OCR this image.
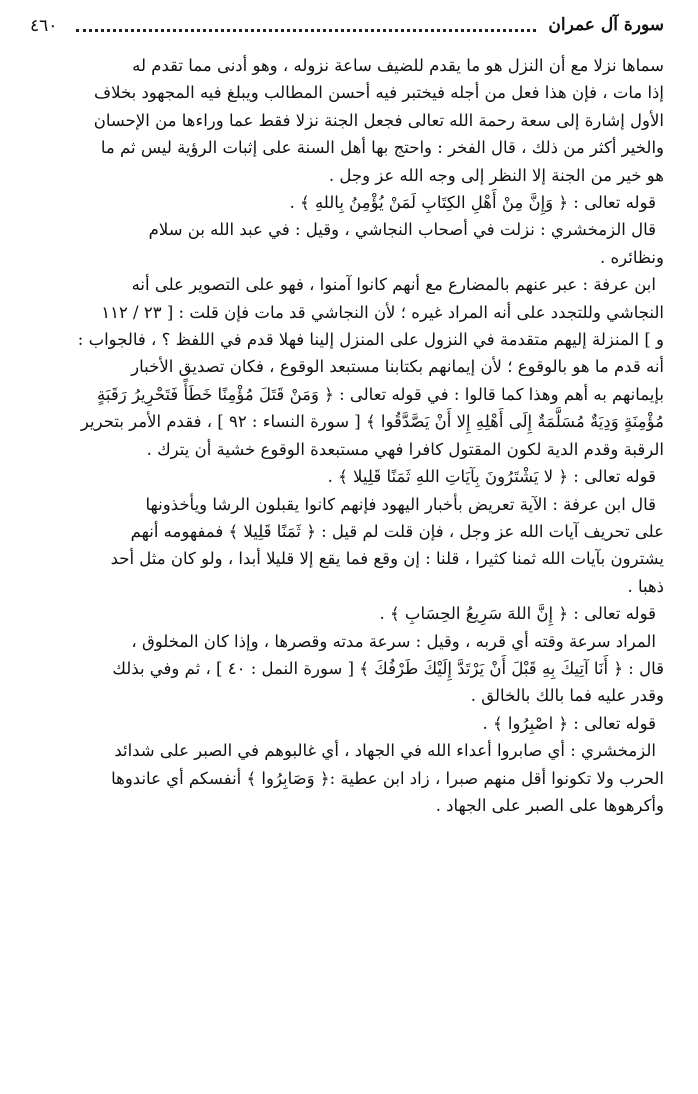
٤٦٠	سورة آل عمران

سماها نزلا مع أن النزل هو ما يقدم للضيف ساعة نزوله ، وهو أدنى مما تقدم له
إذا مات ، فإن هذا فعل من أجله فيختبر فيه أحسن المطالب ويبلغ فيه المجهود بخلاف
الأول إشارة إلى سعة رحمة الله تعالى فجعل الجنة نزلا فقط عما وراءها من الإحسان
والخير أكثر من ذلك ، قال الفخر : واحتج بها أهل السنة على إثبات الرؤية ليس ثم ما
هو خير من الجنة إلا النظر إلى وجه الله عز وجل .

قوله تعالى : ﴿ وَإِنَّ مِنْ أَهْلِ الكِتَابِ لَمَنْ يُؤْمِنُ بِاللهِ ﴾ .

قال الزمخشري : نزلت في أصحاب النجاشي ، وقيل : في عبد الله بن سلام
ونظائره .

ابن عرفة : عبر عنهم بالمضارع مع أنهم كانوا آمنوا ، فهو على التصوير على أنه
النجاشي وللتجدد على أنه المراد غيره ؛ لأن النجاشي قد مات فإن قلت : [ ٢٣ / ١١٢
و ] المنزلة إليهم متقدمة في النزول على المنزل إلينا فهلا قدم في اللفظ ؟ ، فالجواب :
أنه قدم ما هو بالوقوع ؛ لأن إيمانهم بكتابنا مستبعد الوقوع ، فكان تصديق الأخبار
بإيمانهم به أهم وهذا كما قالوا : في قوله تعالى : ﴿ وَمَنْ قَتَلَ مُؤْمِنًا خَطَأً فَتَحْرِيرُ رَقَبَةٍ
مُؤْمِنَةٍ وَدِيَةٌ مُسَلَّمَةٌ إِلَى أَهْلِهِ إِلا أَنْ يَصَّدَّقُوا ﴾ [ سورة النساء : ٩٢ ] ، فقدم الأمر بتحرير
الرقبة وقدم الدية لكون المقتول كافرا فهي مستبعدة الوقوع خشية أن يترك .

قوله تعالى : ﴿ لا يَشْتَرُونَ بِآيَاتِ اللهِ ثَمَنًا قَلِيلا ﴾ .

قال ابن عرفة : الآية تعريض بأخبار اليهود فإنهم كانوا يقبلون الرشا ويأخذونها
على تحريف آيات الله عز وجل ، فإن قلت لم قيل : ﴿ ثَمَنًا قَلِيلا ﴾ فمفهومه أنهم
يشترون بآيات الله ثمنا كثيرا ، قلنا : إن وقع فما يقع إلا قليلا أبدا ، ولو كان مثل أحد
ذهبا .

قوله تعالى : ﴿ إِنَّ اللهَ سَرِيعُ الحِسَابِ ﴾ .

المراد سرعة وقته أي قربه ، وقيل : سرعة مدته وقصرها ، وإذا كان المخلوق ،
قال : ﴿ أَنَا آتِيكَ بِهِ قَبْلَ أَنْ يَرْتَدَّ إِلَيْكَ طَرْفُكَ ﴾ [ سورة النمل : ٤٠ ] ، ثم وفي بذلك
وقدر عليه فما بالك بالخالق .

قوله تعالى : ﴿ اصْبِرُوا ﴾ .

الزمخشري : أي صابروا أعداء الله في الجهاد ، أي غالبوهم في الصبر على شدائد
الحرب ولا تكونوا أقل منهم صبرا ، زاد ابن عطية :﴿ وَصَابِرُوا ﴾ أنفسكم أي عاندوها
وأكرهوها على الصبر على الجهاد .
